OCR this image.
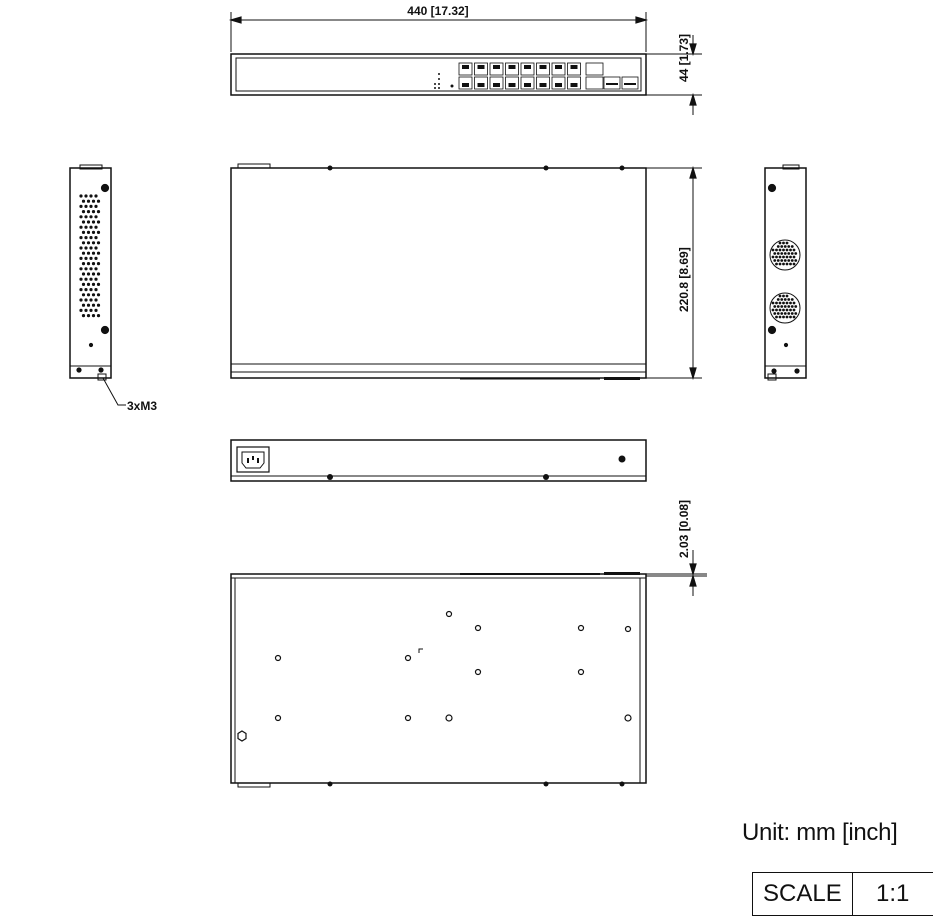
440 [17.32]
44 [1.73]
3xM3
220.8 [8.69]
2.03 [0.08]
Unit: mm [inch]
SCALE	1:1
